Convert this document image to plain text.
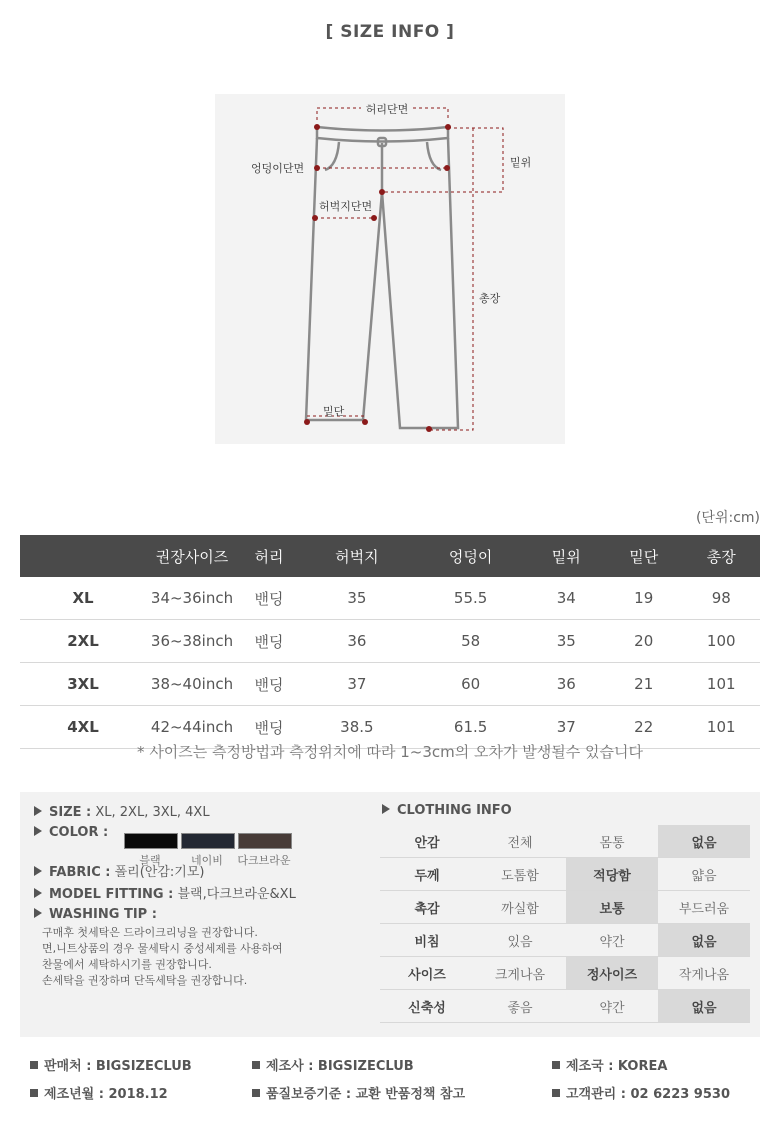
[ SIZE INFO ]
허리단면
엉덩이단면	밑위
허벅지단면
총장
밑단
(단위:cm)
	권장사이즈	허리	허벅지	엉덩이	밑위	밑단	총장
XL	34~36inch	밴딩	35	55.5	34	19	98
2XL	36~38inch	밴딩	36	58	35	20	100
3XL	38~40inch	밴딩	37	60	36	21	101
4XL	42~44inch	밴딩	38.5	61.5	37	22	101
* 사이즈는 측정방법과 측정위치에 따라 1~3cm의 오차가 발생될수 있습니다
SIZE : XL, 2XL, 3XL, 4XL
COLOR :
블랙	네이비	다크브라운
FABRIC : 폴리(안감:기모)
MODEL FITTING : 블랙,다크브라운&XL
WASHING TIP :
구매후 첫세탁은 드라이크리닝을 권장합니다.
면,니트상품의 경우 물세탁시 중성세제를 사용하여
찬물에서 세탁하시기를 권장합니다.
손세탁을 권장하며 단독세탁을 권장합니다.
CLOTHING INFO
안감	전체	몸통	없음
두께	도톰함	적당함	얇음
촉감	까실함	보통	부드러움
비침	있음	약간	없음
사이즈	크게나옴	정사이즈	작게나옴
신축성	좋음	약간	없음
판매처 : BIGSIZECLUB	제조사 : BIGSIZECLUB	제조국 : KOREA
제조년월 : 2018.12	품질보증기준 : 교환 반품정책 참고	고객관리 : 02 6223 9530
